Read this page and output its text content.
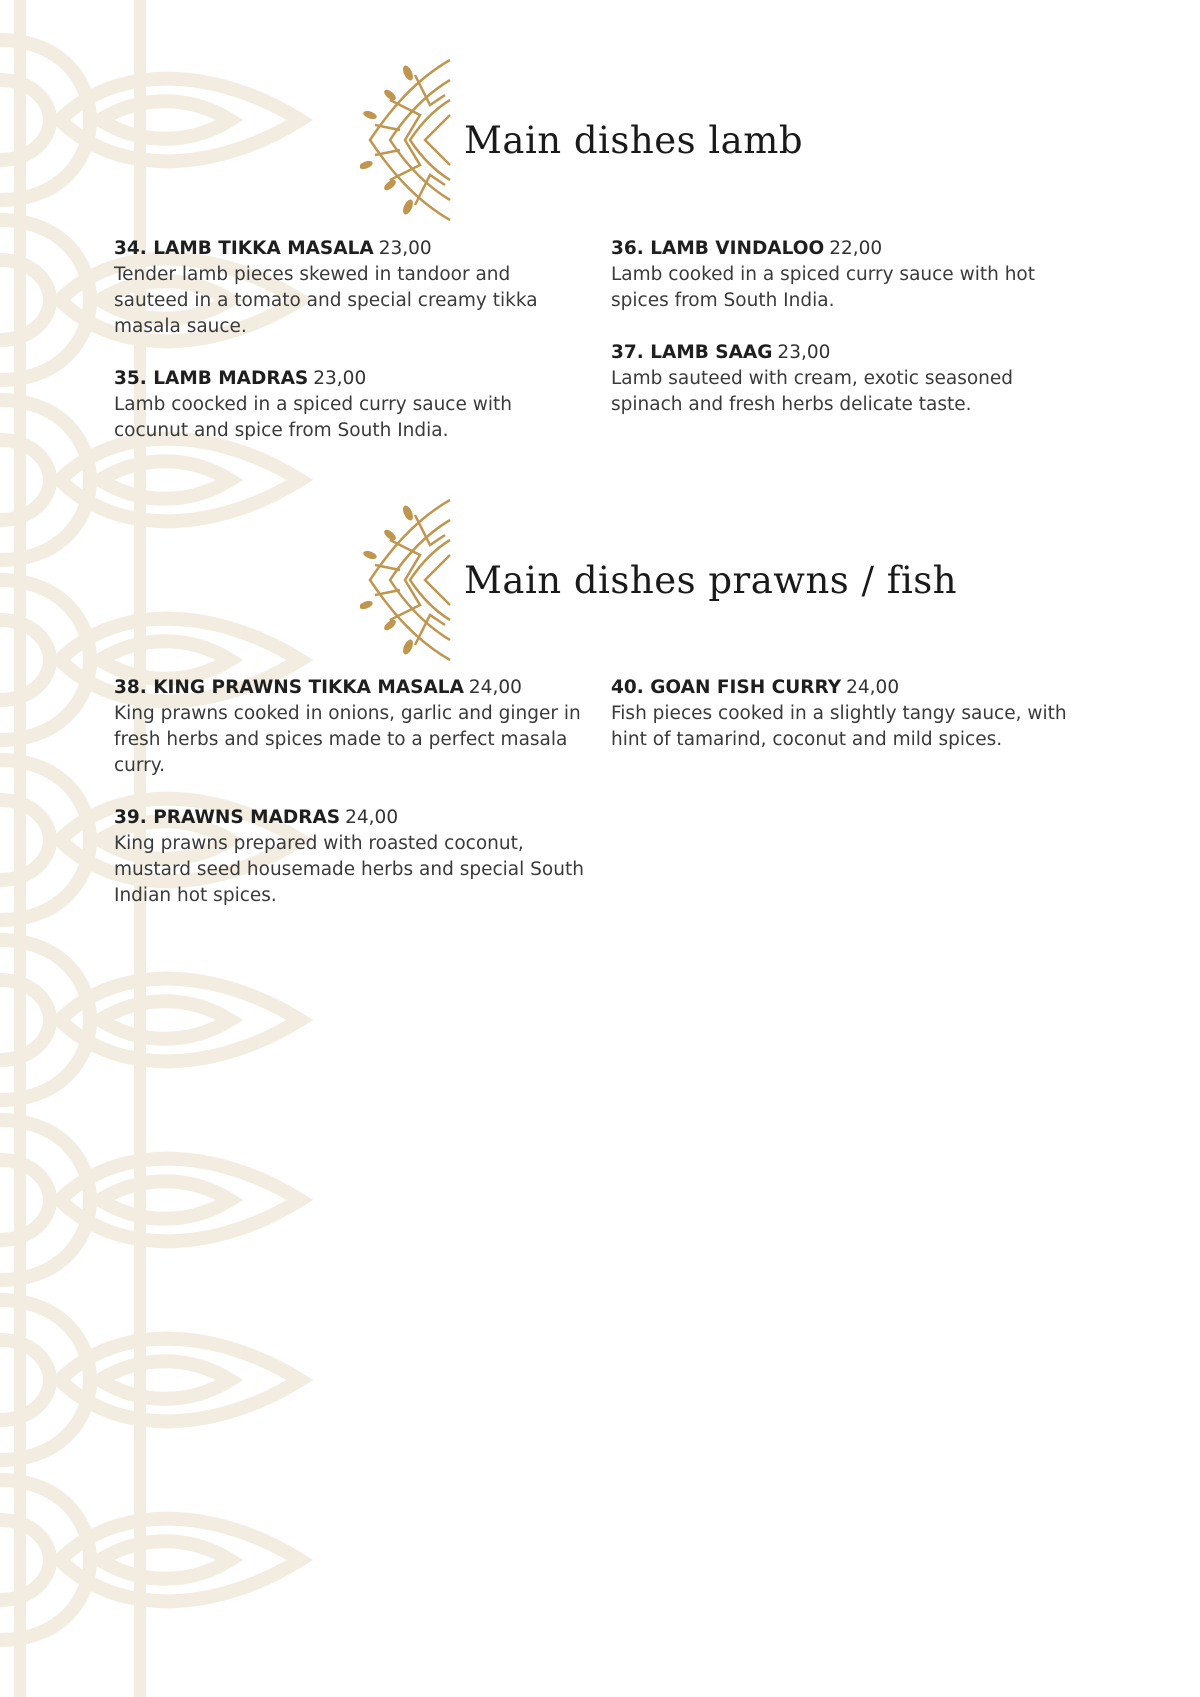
Main dishes lamb

34. LAMB TIKKA MASALA 23,00

Tender lamb pieces skewed in tandoor and sauteed in a tomato and special creamy tikka masala sauce.

35. LAMB MADRAS 23,00

Lamb coocked in a spiced curry sauce with cocunut and spice from South India.

36. LAMB VINDALOO 22,00

Lamb cooked in a spiced curry sauce with hot spices from South India.

37. LAMB SAAG 23,00

Lamb sauteed with cream, exotic seasoned spinach and fresh herbs delicate taste.

Main dishes prawns / fish

38. KING PRAWNS TIKKA MASALA 24,00

King prawns cooked in onions, garlic and ginger in fresh herbs and spices made to a perfect masala curry.

39. PRAWNS MADRAS 24,00

King prawns prepared with roasted coconut, mustard seed housemade herbs and special South Indian hot spices.

40. GOAN FISH CURRY 24,00

Fish pieces cooked in a slightly tangy sauce, with hint of tamarind, coconut and mild spices.
